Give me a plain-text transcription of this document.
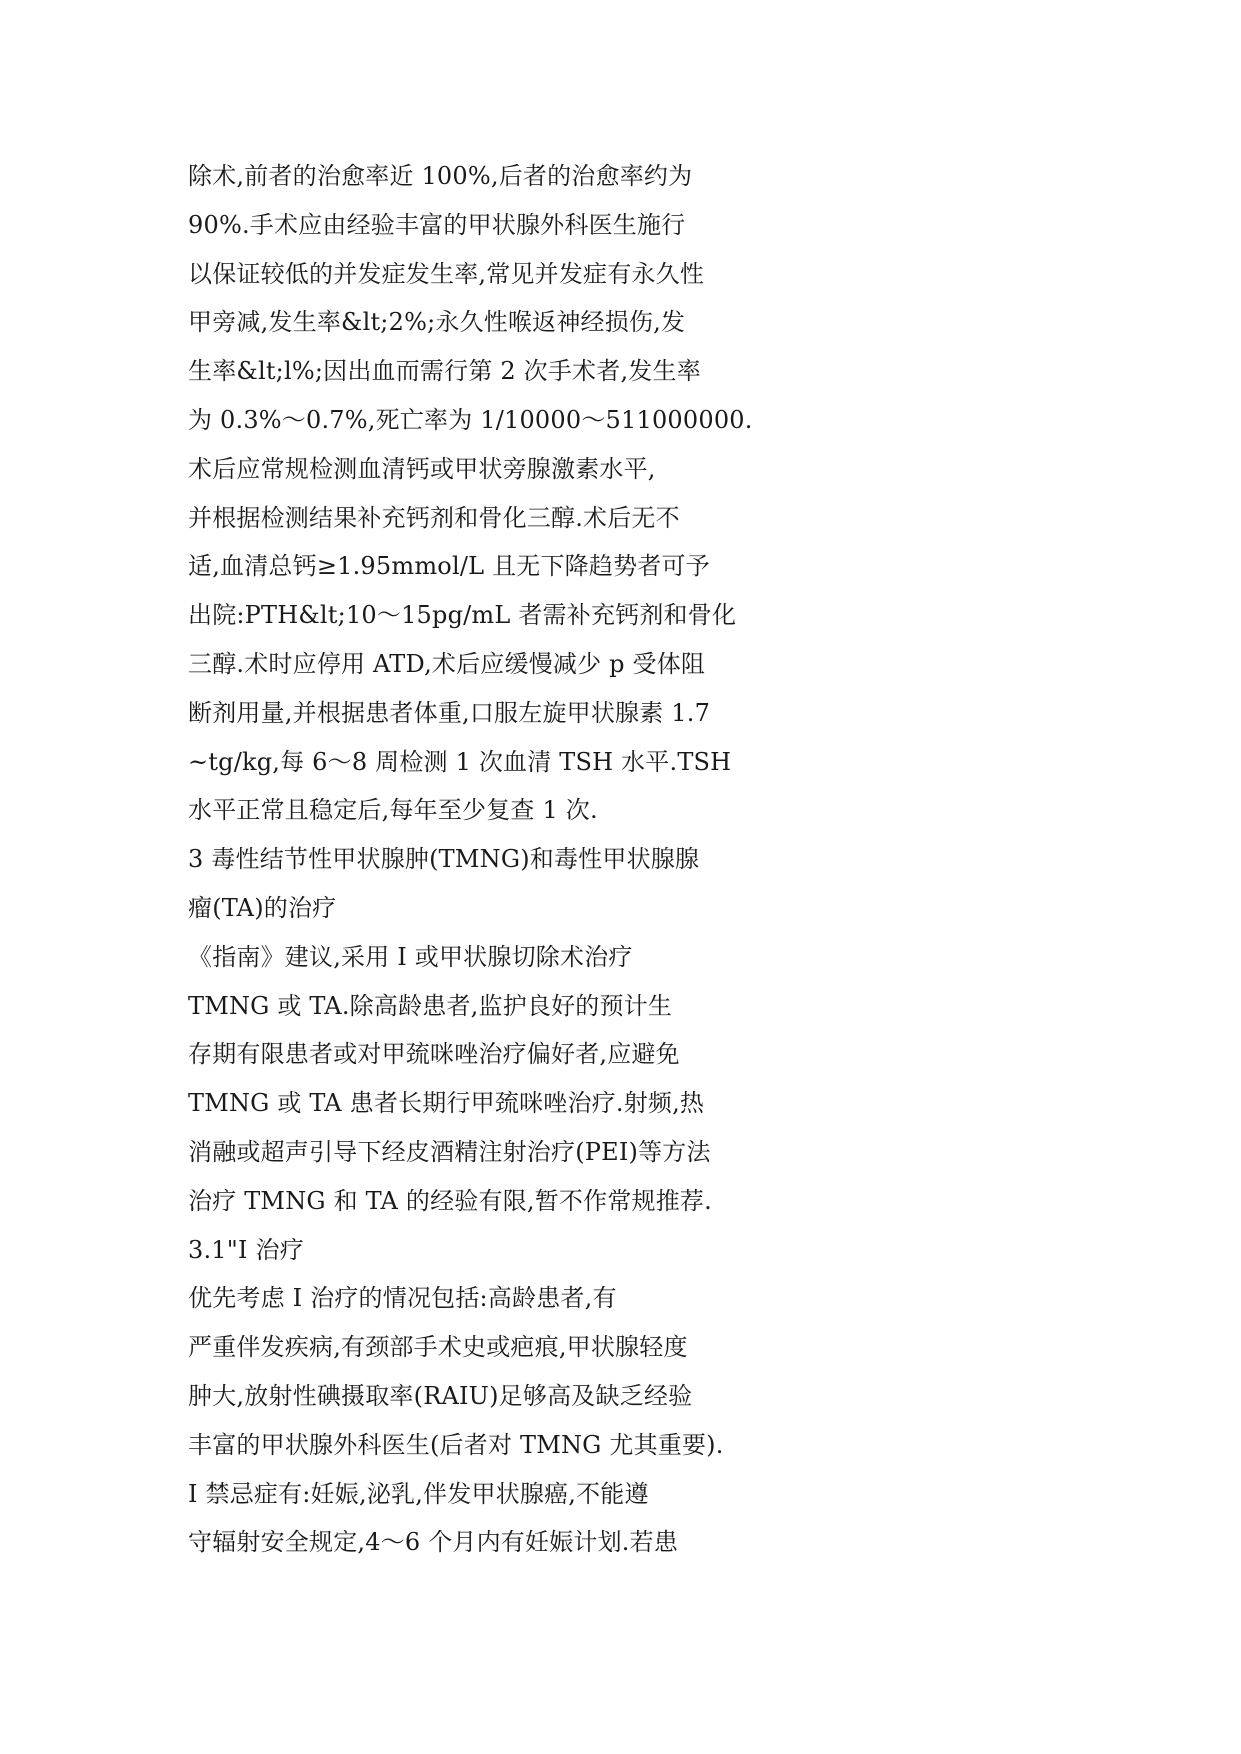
除术,前者的治愈率近 100%,后者的治愈率约为
90%.手术应由经验丰富的甲状腺外科医生施行
以保证较低的并发症发生率,常见并发症有永久性
甲旁减,发生率&lt;2%;永久性喉返神经损伤,发
生率&lt;l%;因出血而需行第 2 次手术者,发生率
为 0.3%～0.7%,死亡率为 1/10000～511000000.
术后应常规检测血清钙或甲状旁腺激素水平,
并根据检测结果补充钙剂和骨化三醇.术后无不
适,血清总钙≥1.95mmol/L 且无下降趋势者可予
出院:PTH&lt;10～15pg/mL 者需补充钙剂和骨化
三醇.术时应停用 ATD,术后应缓慢减少 p 受体阻
断剂用量,并根据患者体重,口服左旋甲状腺素 1.7
~tg/kg,每 6～8 周检测 1 次血清 TSH 水平.TSH
水平正常且稳定后,每年至少复查 1 次.
3 毒性结节性甲状腺肿(TMNG)和毒性甲状腺腺
瘤(TA)的治疗
《指南》建议,采用 I 或甲状腺切除术治疗
TMNG 或 TA.除高龄患者,监护良好的预计生
存期有限患者或对甲巯咪唑治疗偏好者,应避免
TMNG 或 TA 患者长期行甲巯咪唑治疗.射频,热
消融或超声引导下经皮酒精注射治疗(PEI)等方法
治疗 TMNG 和 TA 的经验有限,暂不作常规推荐.
3.1"I 治疗
优先考虑 I 治疗的情况包括:高龄患者,有
严重伴发疾病,有颈部手术史或疤痕,甲状腺轻度
肿大,放射性碘摄取率(RAIU)足够高及缺乏经验
丰富的甲状腺外科医生(后者对 TMNG 尤其重要).
I 禁忌症有:妊娠,泌乳,伴发甲状腺癌,不能遵
守辐射安全规定,4～6 个月内有妊娠计划.若患
